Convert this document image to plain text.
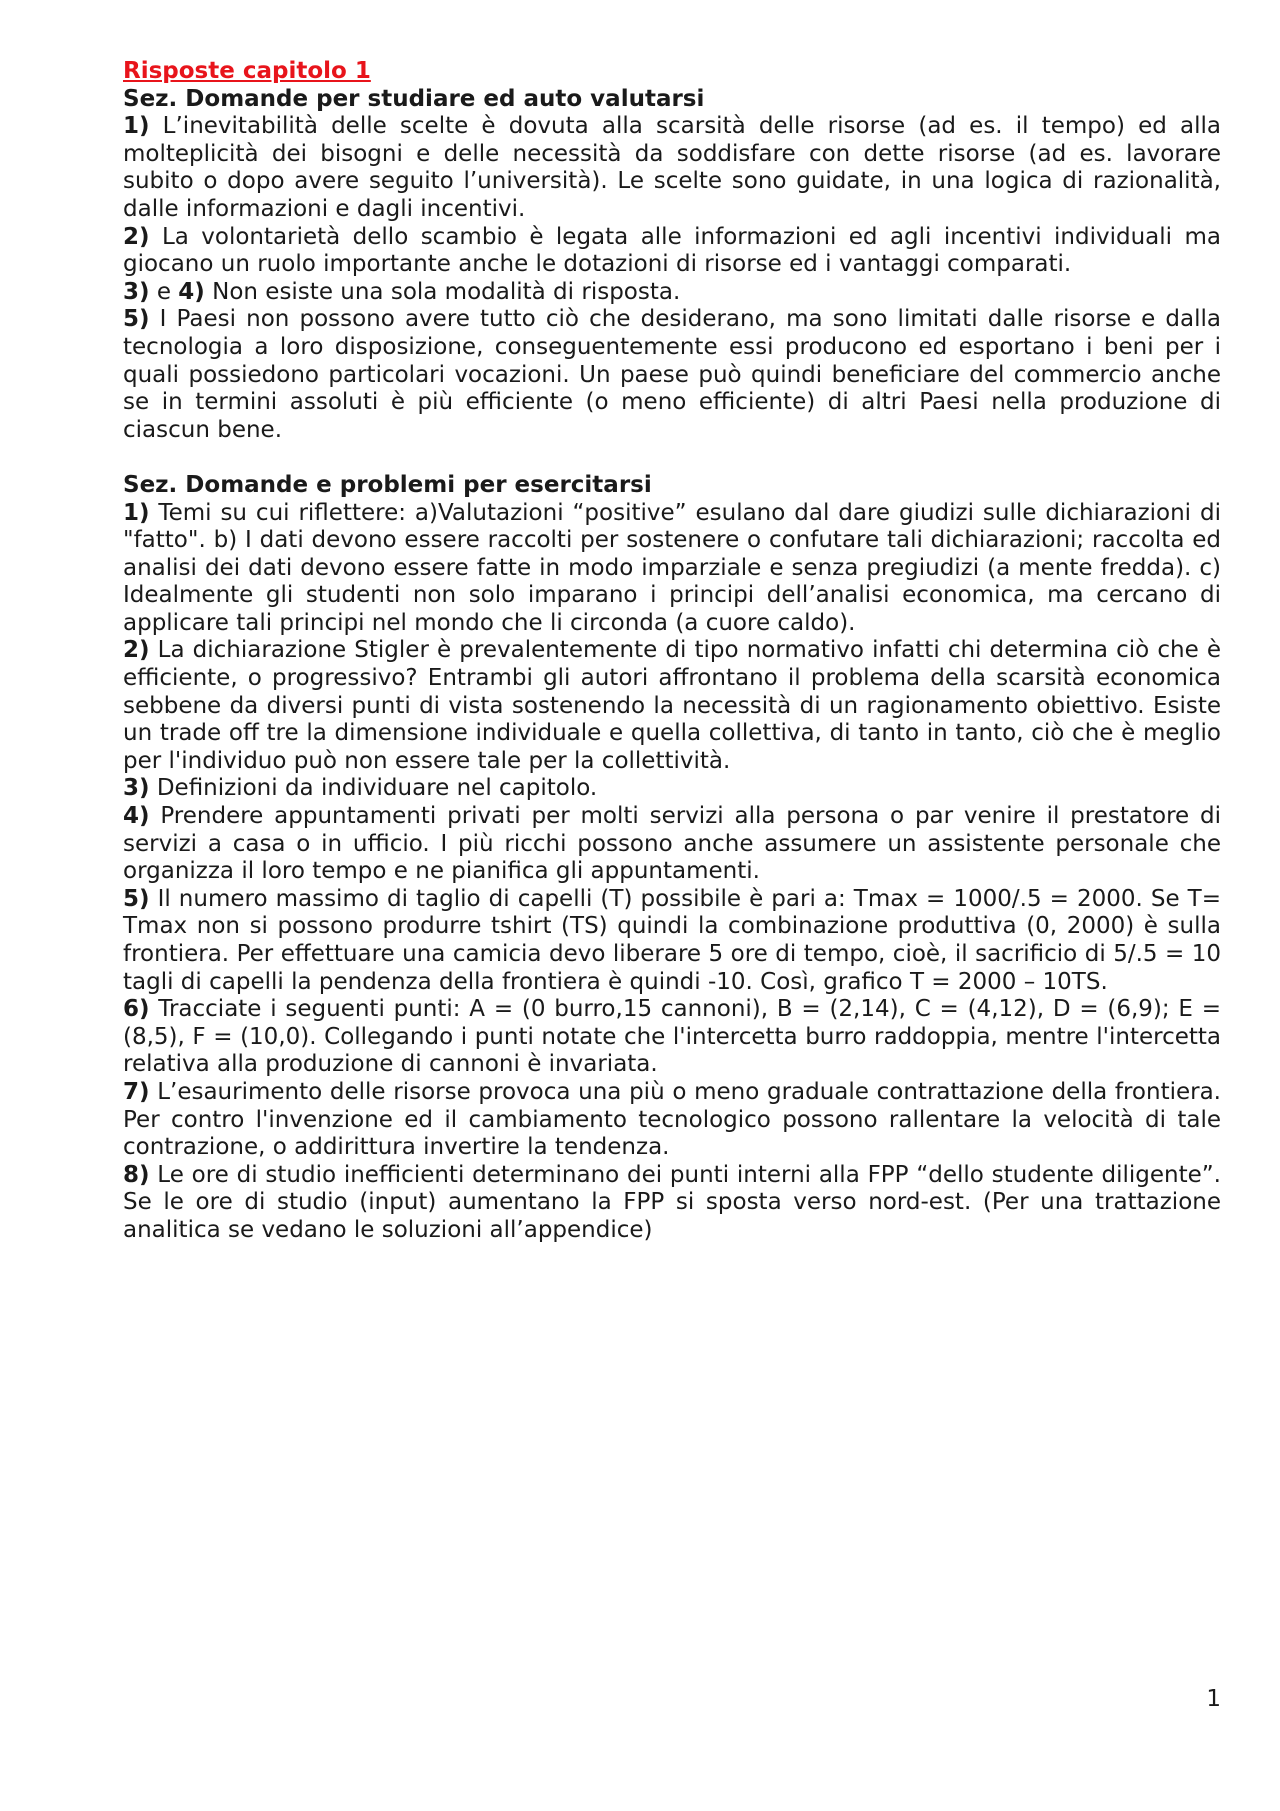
Risposte capitolo 1

Sez. Domande per studiare ed auto valutarsi

1) L’inevitabilità delle scelte è dovuta alla scarsità delle risorse (ad es. il tempo) ed alla molteplicità dei bisogni e delle necessità da soddisfare con dette risorse (ad es. lavorare subito o dopo avere seguito l’università). Le scelte sono guidate, in una logica di razionalità, dalle informazioni e dagli incentivi.

2) La volontarietà dello scambio è legata alle informazioni ed agli incentivi individuali ma giocano un ruolo importante anche le dotazioni di risorse ed i vantaggi comparati.

3) e 4) Non esiste una sola modalità di risposta.

5) I Paesi non possono avere tutto ciò che desiderano, ma sono limitati dalle risorse e dalla tecnologia a loro disposizione, conseguentemente essi producono ed esportano i beni per i quali possiedono particolari vocazioni. Un paese può quindi beneficiare del commercio anche se in termini assoluti è più efficiente (o meno efficiente) di altri Paesi nella produzione di ciascun bene.

Sez. Domande e problemi per esercitarsi

1) Temi su cui riflettere: a)Valutazioni “positive” esulano dal dare giudizi sulle dichiarazioni di "fatto". b) I dati devono essere raccolti per sostenere o confutare tali dichiarazioni; raccolta ed analisi dei dati devono essere fatte in modo imparziale e senza pregiudizi (a mente fredda). c) Idealmente gli studenti non solo imparano i principi dell’analisi economica, ma cercano di applicare tali principi nel mondo che li circonda (a cuore caldo).

2) La dichiarazione Stigler è prevalentemente di tipo normativo infatti chi determina ciò che è efficiente, o progressivo? Entrambi gli autori affrontano il problema della scarsità economica sebbene da diversi punti di vista sostenendo la necessità di un ragionamento obiettivo. Esiste un trade off tre la dimensione individuale e quella collettiva, di tanto in tanto, ciò che è meglio per l'individuo può non essere tale per la collettività.

3) Definizioni da individuare nel capitolo.

4) Prendere appuntamenti privati per molti servizi alla persona o par venire il prestatore di servizi a casa o in ufficio. I più ricchi possono anche assumere un assistente personale che organizza il loro tempo e ne pianifica gli appuntamenti.

5) Il numero massimo di taglio di capelli (T) possibile è pari a: Tmax = 1000/.5 = 2000. Se T= Tmax non si possono produrre tshirt (TS) quindi la combinazione produttiva (0, 2000) è sulla frontiera. Per effettuare una camicia devo liberare 5 ore di tempo, cioè, il sacrificio di 5/.5 = 10 tagli di capelli la pendenza della frontiera è quindi -10. Così, grafico T = 2000 – 10TS.

6) Tracciate i seguenti punti: A = (0 burro,15 cannoni), B = (2,14), C = (4,12), D = (6,9); E = (8,5), F = (10,0). Collegando i punti notate che l'intercetta burro raddoppia, mentre l'intercetta relativa alla produzione di cannoni è invariata.

7) L’esaurimento delle risorse provoca una più o meno graduale contrattazione della frontiera. Per contro l'invenzione ed il cambiamento tecnologico possono rallentare la velocità di tale contrazione, o addirittura invertire la tendenza.

8) Le ore di studio inefficienti determinano dei punti interni alla FPP “dello studente diligente”. Se le ore di studio (input) aumentano la FPP si sposta verso nord-est. (Per una trattazione analitica se vedano le soluzioni all’appendice)

1
